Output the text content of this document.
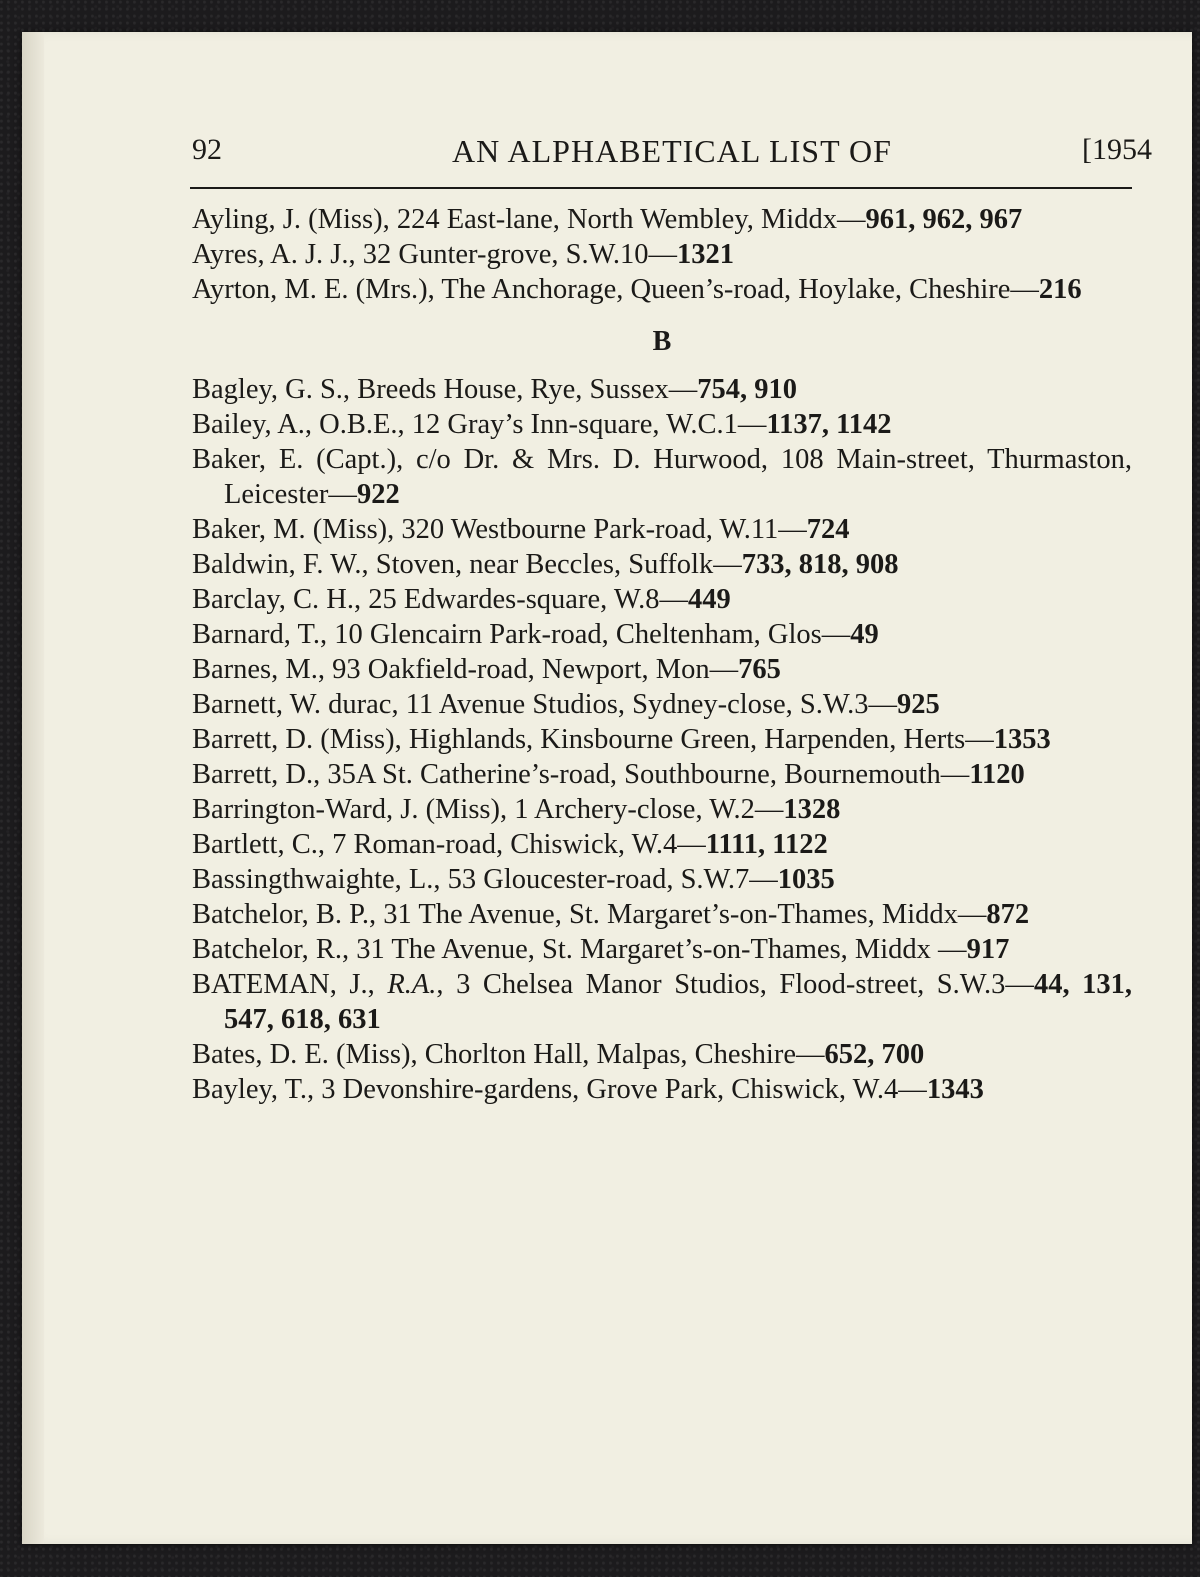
92	AN ALPHABETICAL LIST OF	[1954

Ayling, J. (Miss), 224 East-lane, North Wembley, Middx—961, 962, 967

Ayres, A. J. J., 32 Gunter-grove, S.W.10—1321

Ayrton, M. E. (Mrs.), The Anchorage, Queen’s-road, Hoylake, Cheshire—216

B

Bagley, G. S., Breeds House, Rye, Sussex—754, 910

Bailey, A., O.B.E., 12 Gray’s Inn-square, W.C.1—1137, 1142

Baker, E. (Capt.), c/o Dr. & Mrs. D. Hurwood, 108 Main-street, Thurmaston, Leicester—922

Baker, M. (Miss), 320 Westbourne Park-road, W.11—724

Baldwin, F. W., Stoven, near Beccles, Suffolk—733, 818, 908

Barclay, C. H., 25 Edwardes-square, W.8—449

Barnard, T., 10 Glencairn Park-road, Cheltenham, Glos—49

Barnes, M., 93 Oakfield-road, Newport, Mon—765

Barnett, W. durac, 11 Avenue Studios, Sydney-close, S.W.3—925

Barrett, D. (Miss), Highlands, Kinsbourne Green, Harpenden, Herts—1353

Barrett, D., 35A St. Catherine’s-road, Southbourne, Bournemouth—1120

Barrington-Ward, J. (Miss), 1 Archery-close, W.2—1328

Bartlett, C., 7 Roman-road, Chiswick, W.4—1111, 1122

Bassingthwaighte, L., 53 Gloucester-road, S.W.7—1035

Batchelor, B. P., 31 The Avenue, St. Margaret’s-on-Thames, Middx—872

Batchelor, R., 31 The Avenue, St. Margaret’s-on-Thames, Middx —917

BATEMAN, J., R.A., 3 Chelsea Manor Studios, Flood-street, S.W.3—44, 131, 547, 618, 631

Bates, D. E. (Miss), Chorlton Hall, Malpas, Cheshire—652, 700

Bayley, T., 3 Devonshire-gardens, Grove Park, Chiswick, W.4—1343
